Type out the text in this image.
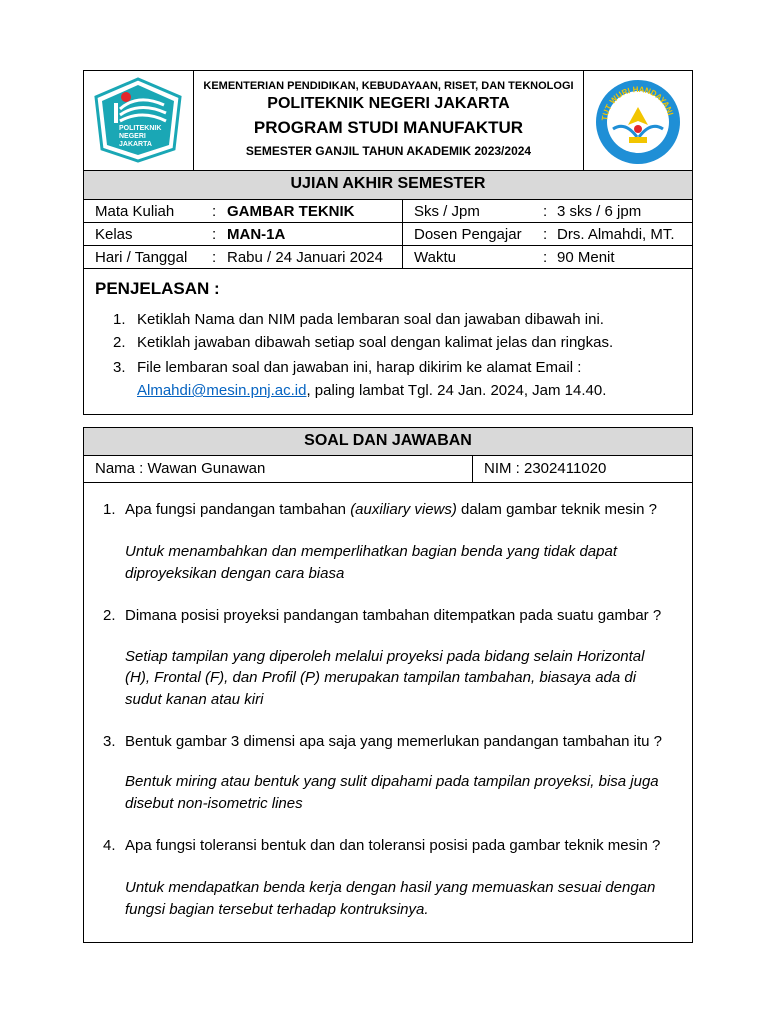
POLITEKNIK
NEGERI
JAKARTA
KEMENTERIAN PENDIDIKAN, KEBUDAYAAN, RISET, DAN TEKNOLOGI
POLITEKNIK NEGERI JAKARTA
PROGRAM STUDI MANUFAKTUR
SEMESTER GANJIL TAHUN AKADEMIK 2023/2024
TUT WURI HANDAYANI
UJIAN AKHIR SEMESTER
Mata Kuliah	: GAMBAR TEKNIK	Sks / Jpm	: 3 sks / 6 jpm
Kelas	: MAN-1A	Dosen Pengajar : Drs. Almahdi, MT.
Hari / Tanggal : Rabu / 24 Januari 2024 Waktu	: 90 Menit
PENJELASAN :
1. Ketiklah Nama dan NIM pada lembaran soal dan jawaban dibawah ini.
2. Ketiklah jawaban dibawah setiap soal dengan kalimat jelas dan ringkas.
3. File lembaran soal dan jawaban ini, harap dikirim ke alamat Email :
Almahdi@mesin.pnj.ac.id, paling lambat Tgl. 24 Jan. 2024, Jam 14.40.
SOAL DAN JAWABAN
Nama : Wawan Gunawan	NIM : 2302411020
1. Apa fungsi pandangan tambahan (auxiliary views) dalam gambar teknik mesin ?
Untuk menambahkan dan memperlihatkan bagian benda yang tidak dapat
diproyeksikan dengan cara biasa
2. Dimana posisi proyeksi pandangan tambahan ditempatkan pada suatu gambar ?
Setiap tampilan yang diperoleh melalui proyeksi pada bidang selain Horizontal
(H), Frontal (F), dan Profil (P) merupakan tampilan tambahan, biasaya ada di
sudut kanan atau kiri
3. Bentuk gambar 3 dimensi apa saja yang memerlukan pandangan tambahan itu ?
Bentuk miring atau bentuk yang sulit dipahami pada tampilan proyeksi, bisa juga
disebut non-isometric lines
4. Apa fungsi toleransi bentuk dan dan toleransi posisi pada gambar teknik mesin ?
Untuk mendapatkan benda kerja dengan hasil yang memuaskan sesuai dengan
fungsi bagian tersebut terhadap kontruksinya.
